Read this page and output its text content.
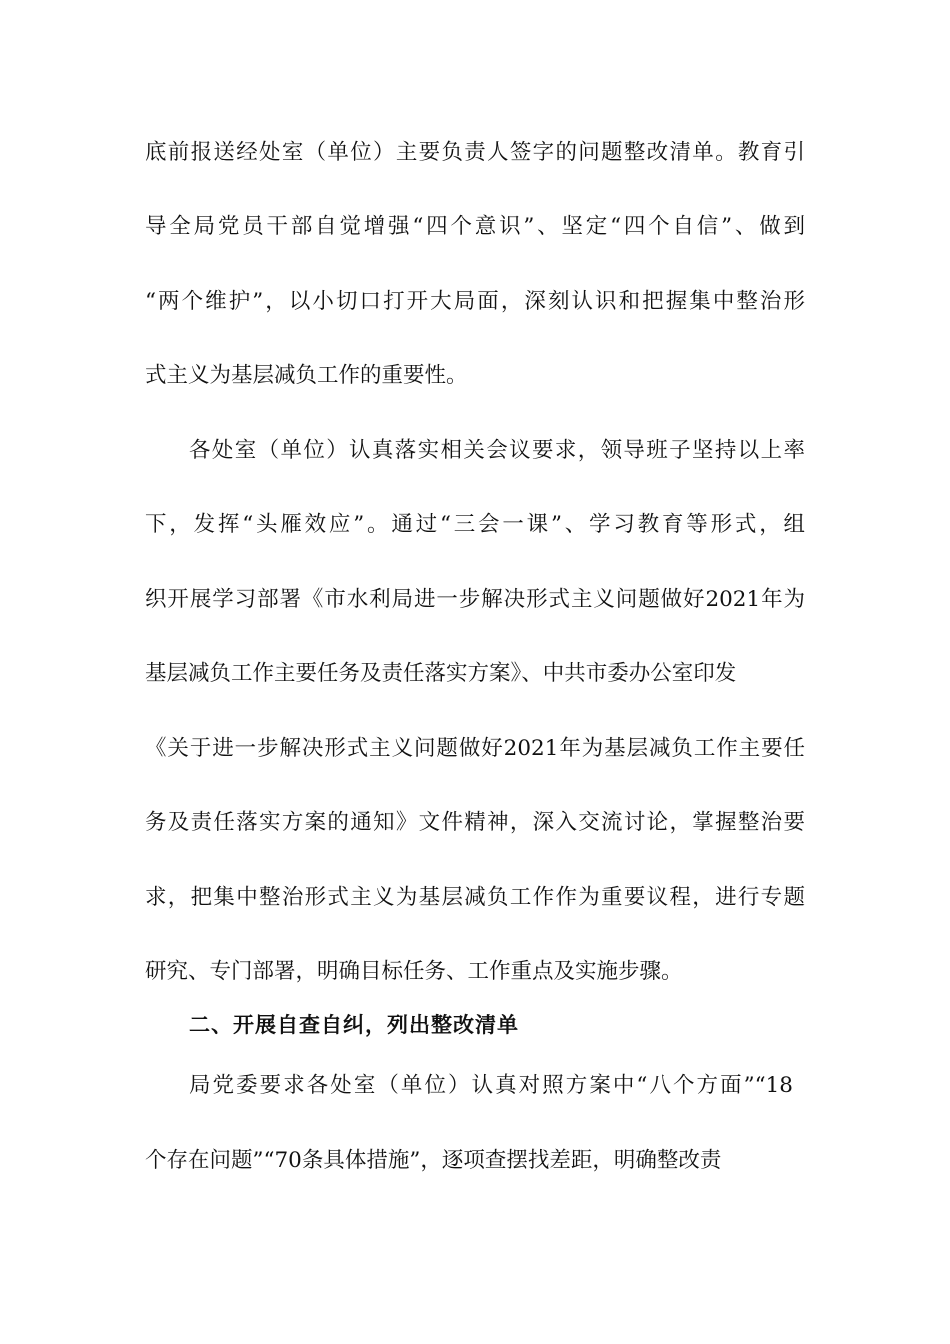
底前报送经处室（单位）主要负责人签字的问题整改清单。教育引
导全局党员干部自觉增强“四个意识”、坚定“四个自信”、做到
“两个维护”，以小切口打开大局面，深刻认识和把握集中整治形
式主义为基层减负工作的重要性。
各处室（单位）认真落实相关会议要求，领导班子坚持以上率
下，发挥“头雁效应”。通过“三会一课”、学习教育等形式，组
织开展学习部署《市水利局进一步解决形式主义问题做好2021年为
基层减负工作主要任务及责任落实方案》、中共市委办公室印发
《关于进一步解决形式主义问题做好2021年为基层减负工作主要任
务及责任落实方案的通知》文件精神，深入交流讨论，掌握整治要
求，把集中整治形式主义为基层减负工作作为重要议程，进行专题
研究、专门部署，明确目标任务、工作重点及实施步骤。
二、开展自查自纠，列出整改清单
局党委要求各处室（单位）认真对照方案中“八个方面”“18
个存在问题”“70条具体措施”，逐项查摆找差距，明确整改责
